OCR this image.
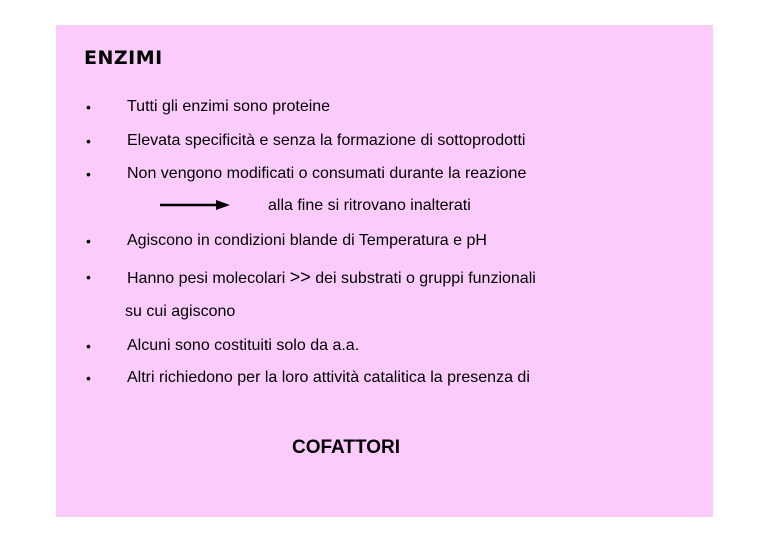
ENZIMI
• Tutti gli enzimi sono proteine
• Elevata specificità e senza la formazione di sottoprodotti
• Non vengono modificati o consumati durante la reazione
alla fine si ritrovano inalterati
• Agiscono in condizioni blande di Temperatura e pH
• Hanno pesi molecolari >> dei substrati o gruppi funzionali
su cui agiscono
• Alcuni sono costituiti solo da a.a.
• Altri richiedono per la loro attività catalitica la presenza di
COFATTORI
